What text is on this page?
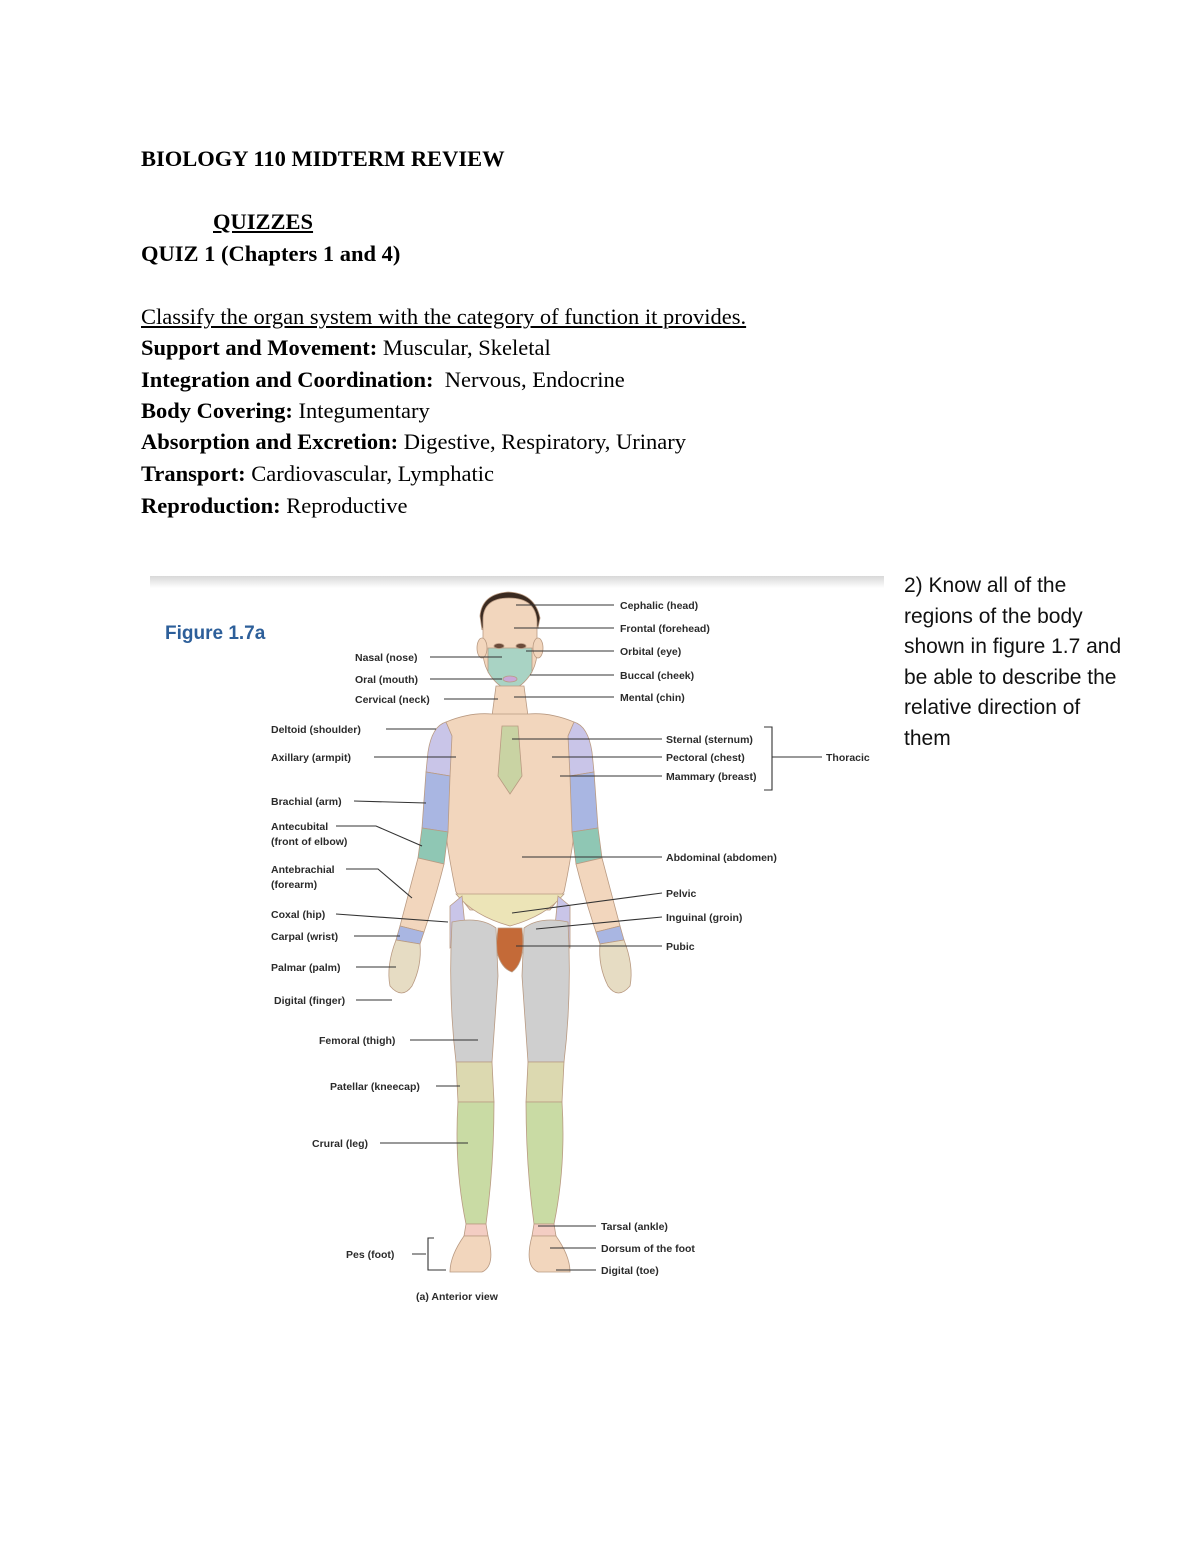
BIOLOGY 110 MIDTERM REVIEW
QUIZZES
QUIZ 1 (Chapters 1 and 4)
Classify the organ system with the category of function it provides.
Support and Movement: Muscular, Skeletal
Integration and Coordination:  Nervous, Endocrine
Body Covering: Integumentary
Absorption and Excretion: Digestive, Respiratory, Urinary
Transport: Cardiovascular, Lymphatic
Reproduction: Reproductive
2) Know all of the
regions of the body
shown in figure 1.7 and
be able to describe the
relative direction of
them
Figure 1.7a
Cephalic (head)
Frontal (forehead)
Orbital (eye)
Buccal (cheek)
Mental (chin)
Sternal (sternum)
Pectoral (chest)
Mammary (breast)
Thoracic
Abdominal (abdomen)
Pelvic
Inguinal (groin)
Pubic
Tarsal (ankle)
Dorsum of the foot
Digital (toe)
Nasal (nose)
Oral (mouth)
Cervical (neck)
Deltoid (shoulder)
Axillary (armpit)
Brachial (arm)
Antecubital
(front of elbow)
Antebrachial
(forearm)
Coxal (hip)
Carpal (wrist)
Palmar (palm)
Digital (finger)
Femoral (thigh)
Patellar (kneecap)
Crural (leg)
Pes (foot)
(a) Anterior view
